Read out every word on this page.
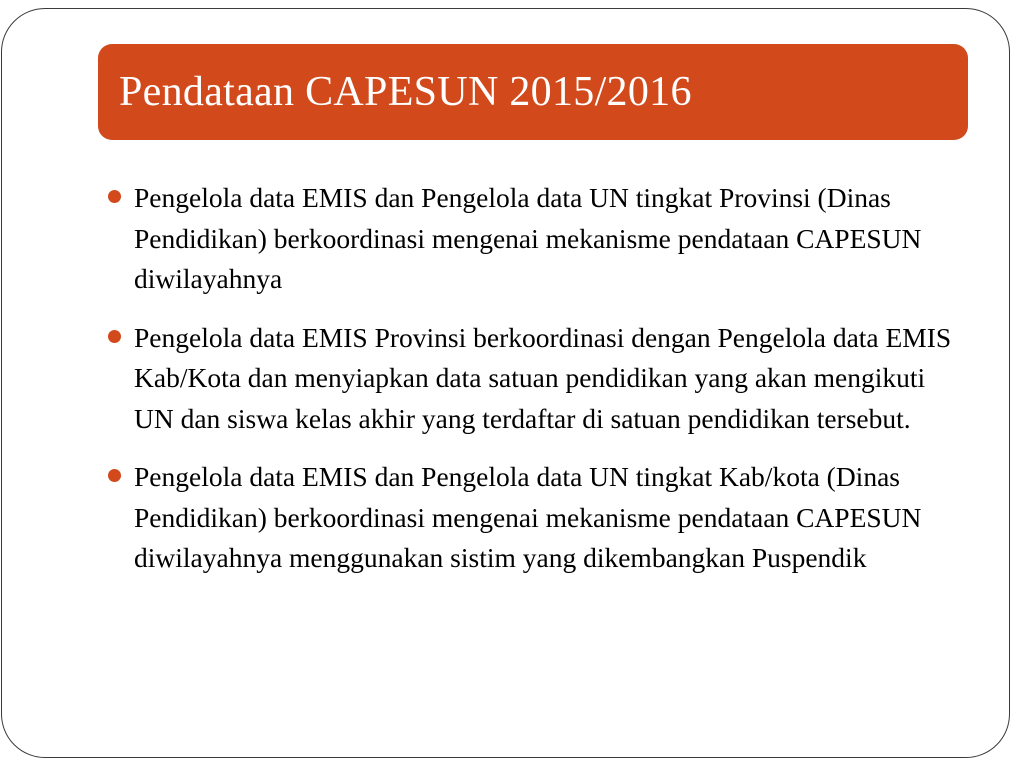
Pendataan CAPESUN 2015/2016
Pengelola data EMIS dan Pengelola data UN tingkat Provinsi (Dinas Pendidikan) berkoordinasi mengenai mekanisme pendataan CAPESUN diwilayahnya
Pengelola data EMIS Provinsi berkoordinasi dengan Pengelola data EMIS Kab/Kota dan menyiapkan data satuan pendidikan yang akan mengikuti UN dan siswa kelas akhir yang terdaftar di satuan pendidikan tersebut.
Pengelola data EMIS dan Pengelola data UN tingkat Kab/kota (Dinas Pendidikan) berkoordinasi mengenai mekanisme pendataan CAPESUN diwilayahnya menggunakan sistim yang dikembangkan Puspendik
